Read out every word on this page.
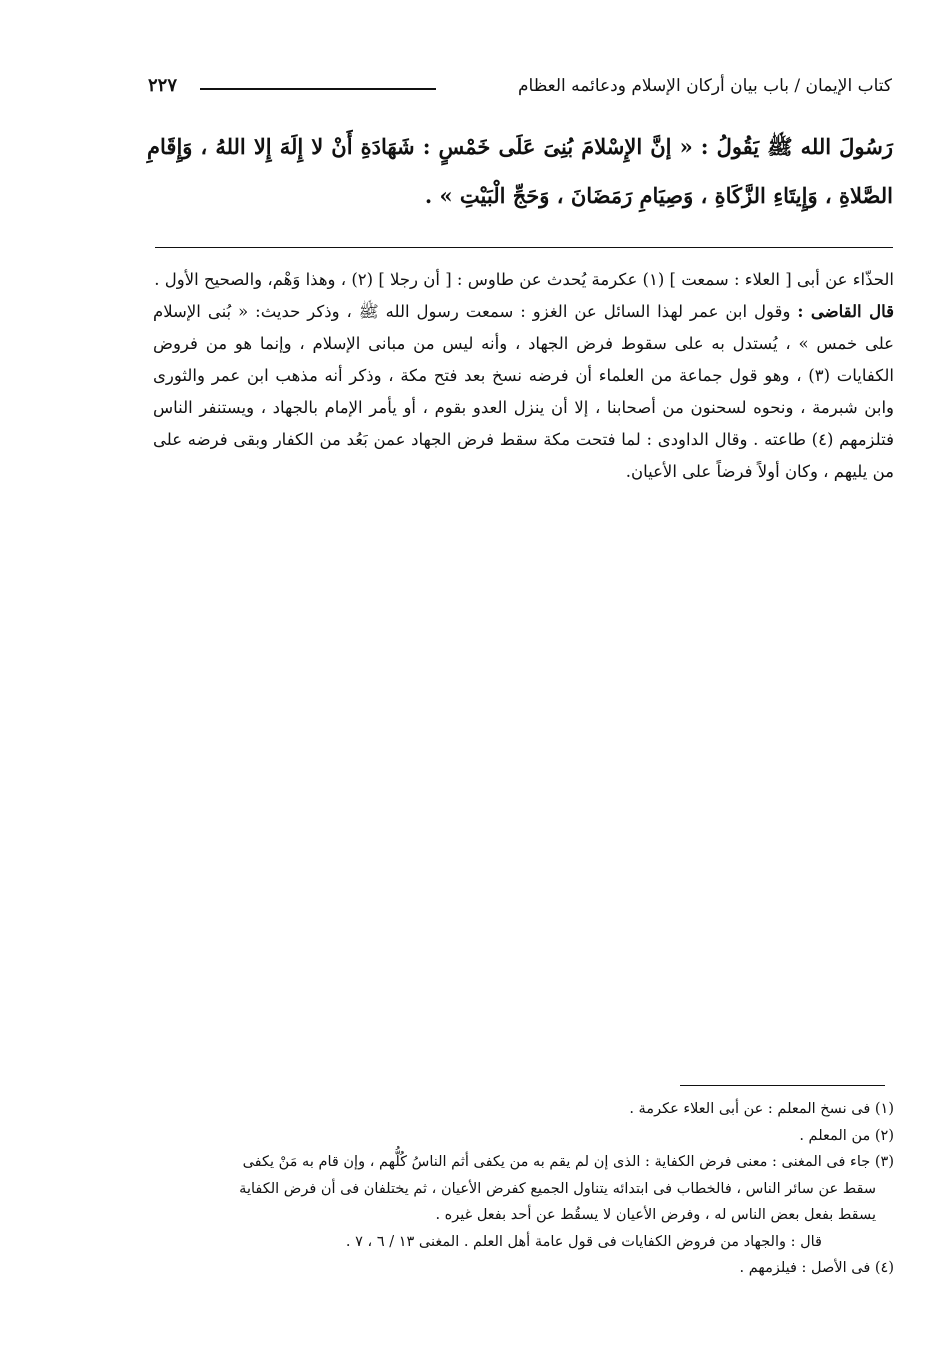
٢٢٧	كتاب الإيمان / باب بيان أركان الإسلام ودعائمه العظام
رَسُولَ الله ﷺ يَقُولُ : « إنَّ الإِسْلامَ بُنِىَ عَلَى خَمْسٍ : شَهَادَةِ أَنْ لا إِلَهَ إِلا اللهُ ، وَإِقَامِ الصَّلاةِ ، وَإِيتَاءِ الزَّكَاةِ ، وَصِيَامِ رَمَضَانَ ، وَحَجِّ الْبَيْتِ » .

الحذّاء عن أبى [ العلاء : سمعت ] (١) عكرمة يُحدث عن طاوس : [ أن رجلا ] (٢) ، وهذا وَهْم، والصحيح الأول .

قال القاضى : وقول ابن عمر لهذا السائل عن الغزو : سمعت رسول الله ﷺ ، وذكر حديث: « بُنى الإسلام على خمس » ، يُستدل به على سقوط فرض الجهاد ، وأنه ليس من مبانى الإسلام ، وإنما هو من فروض الكفايات (٣) ، وهو قول جماعة من العلماء أن فرضه نسخ بعد فتح مكة ، وذكر أنه مذهب ابن عمر والثورى وابن شبرمة ، ونحوه لسحنون من أصحابنا ، إلا أن ينزل العدو بقوم ، أو يأمر الإمام بالجهاد ، ويستنفر الناس فتلزمهم (٤) طاعته . وقال الداودى : لما فتحت مكة سقط فرض الجهاد عمن بَعُد من الكفار وبقى فرضه على من يليهم ، وكان أولاً فرضاً على الأعيان.

(١) فى نسخ المعلم : عن أبى العلاء عكرمة .

(٢) من المعلم .

(٣) جاء فى المغنى : معنى فرض الكفاية : الذى إن لم يقم به من يكفى أثم الناسُ كُلُّهم ، وإن قام به مَنْ يكفى

سقط عن سائر الناس ، فالخطاب فى ابتدائه يتناول الجميع كفرض الأعيان ، ثم يختلفان فى أن فرض الكفاية

يسقط بفعل بعض الناس له ، وفرض الأعيان لا يسقُط عن أحد بفعل غيره .

قال : والجهاد من فروض الكفايات فى قول عامة أهل العلم . المغنى ١٣ / ٦ ، ٧ .

(٤) فى الأصل : فيلزمهم .
